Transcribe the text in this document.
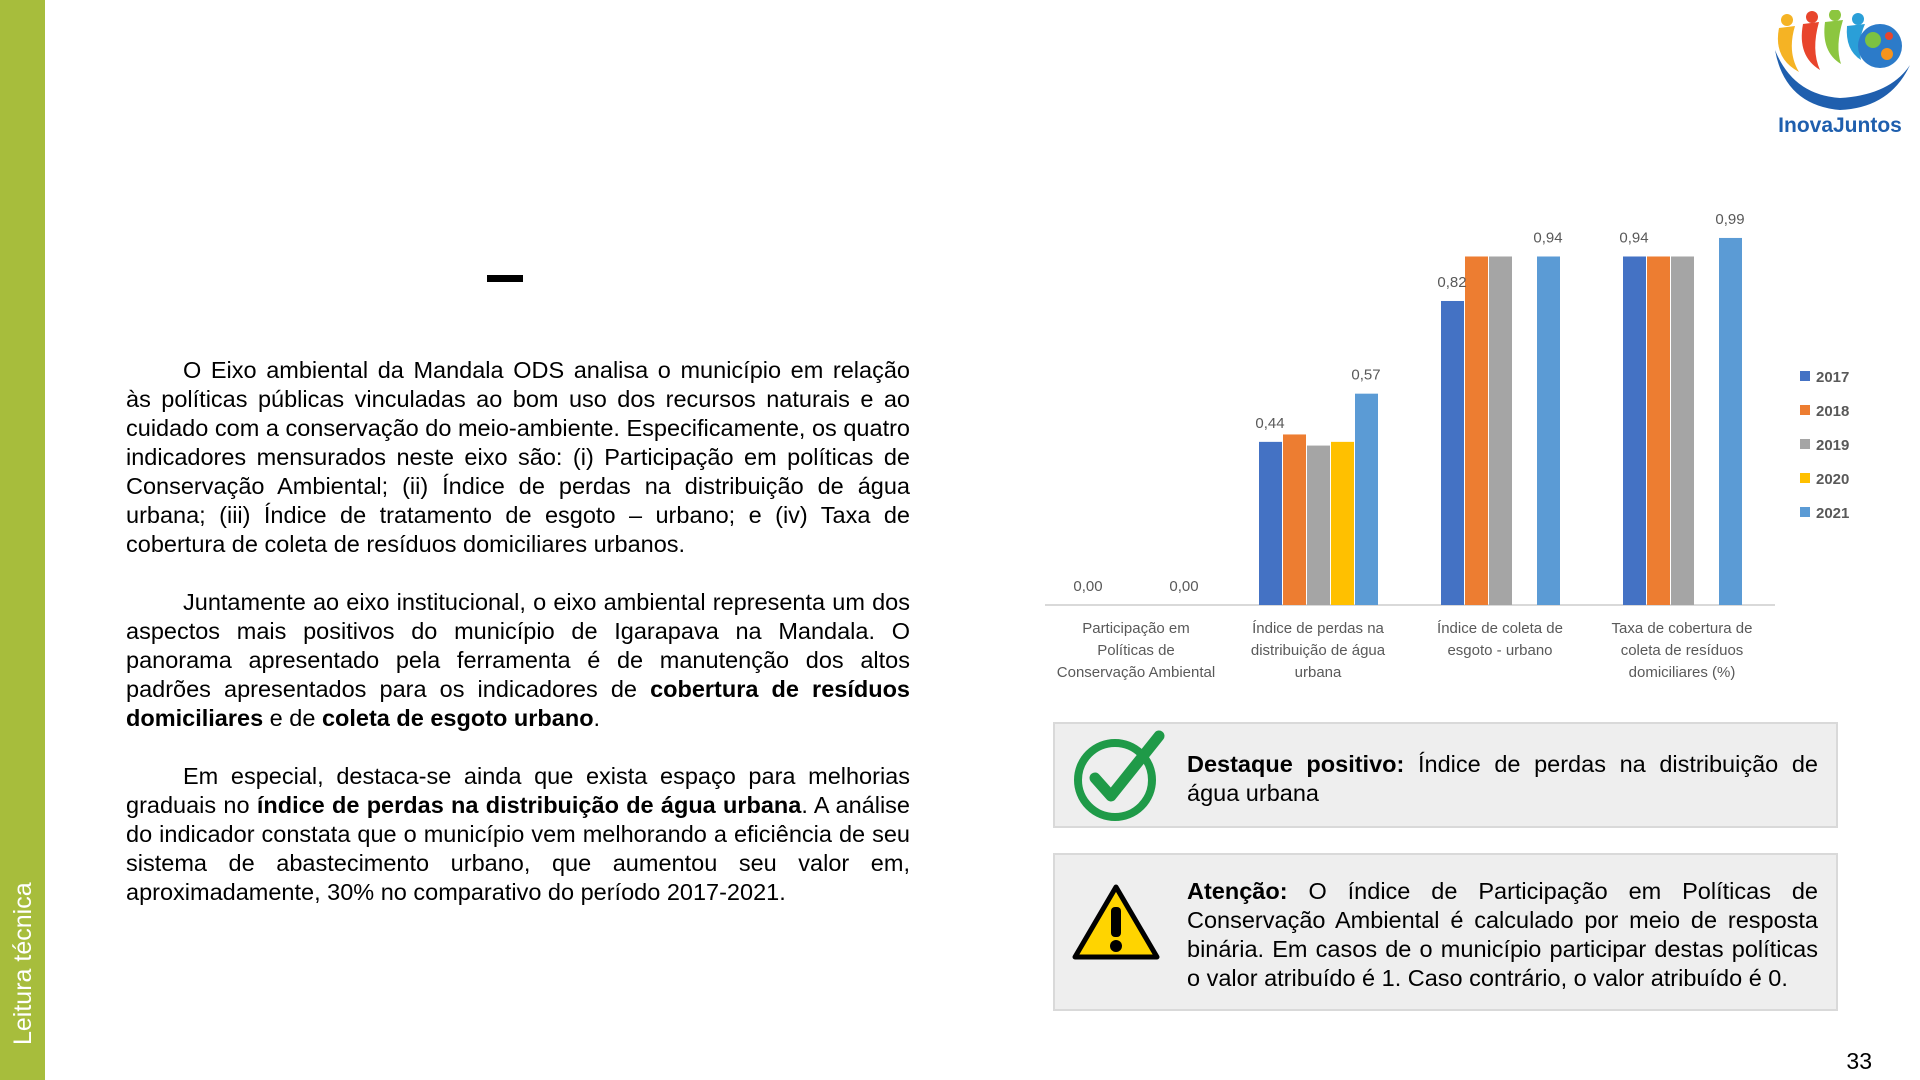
Leitura técnica
InovaJuntos

O Eixo ambiental da Mandala ODS analisa o município em relação às políticas públicas vinculadas ao bom uso dos recursos naturais e ao cuidado com a conservação do meio-ambiente. Especificamente, os quatro indicadores mensurados neste eixo são: (i) Participação em políticas de Conservação Ambiental; (ii) Índice de perdas na distribuição de água urbana; (iii) Índice de tratamento de esgoto – urbano; e (iv) Taxa de cobertura de coleta de resíduos domiciliares urbanos.

Juntamente ao eixo institucional, o eixo ambiental representa um dos aspectos mais positivos do município de Igarapava na Mandala. O panorama apresentado pela ferramenta é de manutenção dos altos padrões apresentados para os indicadores de cobertura de resíduos domiciliares e de coleta de esgoto urbano.

Em especial, destaca-se ainda que exista espaço para melhorias graduais no índice de perdas na distribuição de água urbana. A análise do indicador constata que o município vem melhorando a eficiência de seu sistema de abastecimento urbano, que aumentou seu valor em, aproximadamente, 30% no comparativo do período 2017-2021.

Participação em
Políticas de
Conservação Ambiental
Índice de perdas na
distribuição de água
urbana
Índice de coleta de
esgoto - urbano
Taxa de cobertura de
coleta de resíduos
domiciliares (%)
0,00	0,00
0,44
0,57
0,82
0,94	0,94
0,99
2017
2018
2019
2020
2021
Destaque positivo: Índice de perdas na distribuição de água urbana
Atenção: O índice de Participação em Políticas de Conservação Ambiental é calculado por meio de resposta binária. Em casos de o município participar destas políticas o valor atribuído é 1. Caso contrário, o valor atribuído é 0.
33
